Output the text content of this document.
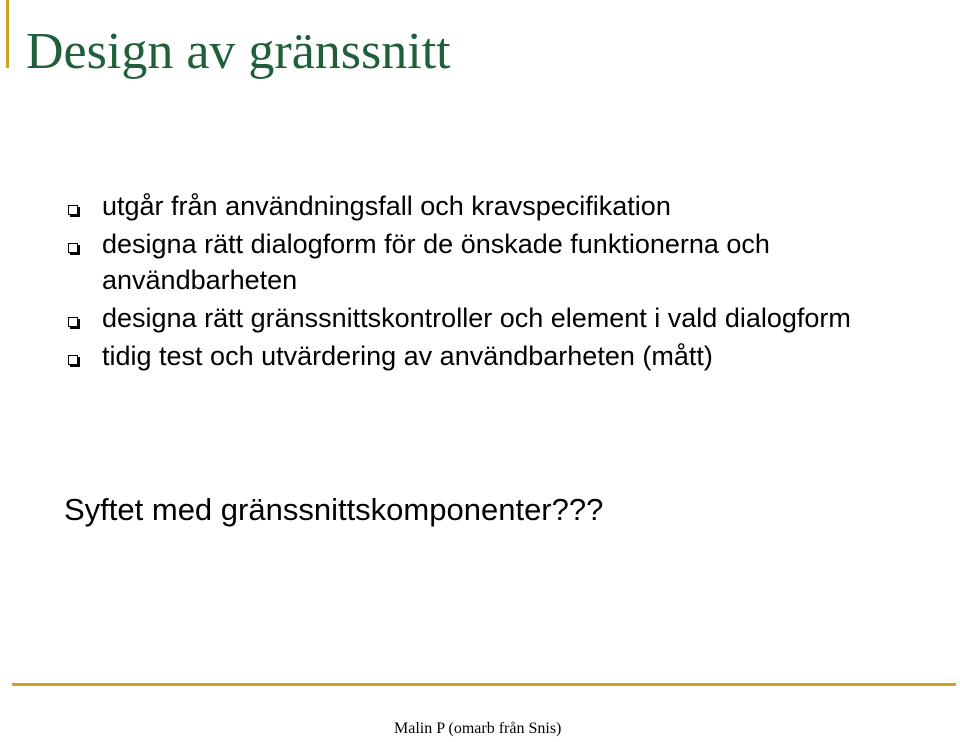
Design av gränssnitt
utgår från användningsfall och kravspecifikation
designa rätt dialogform för de önskade funktionerna och användbarheten
designa rätt gränssnittskontroller och element i vald dialogform
tidig test och utvärdering av användbarheten (mått)

Syftet med gränssnittskomponenter???

Malin P (omarb från Snis)
